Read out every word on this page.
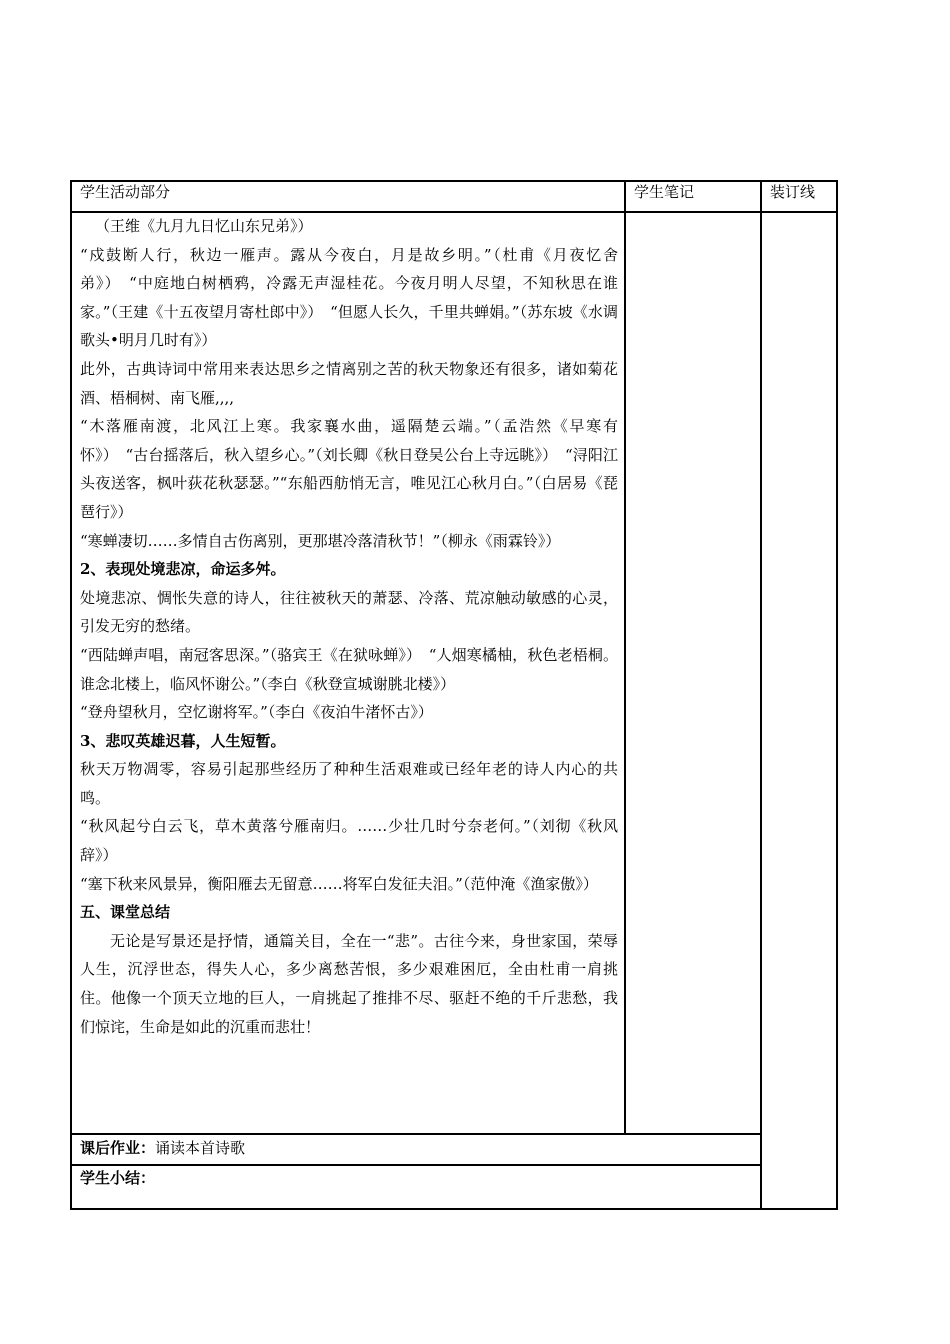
学生活动部分	学生笔记	装订线

（王维《九月九日忆山东兄弟》）

“戍鼓断人行，秋边一雁声。露从今夜白，月是故乡明。”（杜甫《月夜忆舍弟》）　“中庭地白树栖鸦，冷露无声湿桂花。今夜月明人尽望，不知秋思在谁家。”（王建《十五夜望月寄杜郎中》）　“但愿人长久，千里共蝉娟。”（苏东坡《水调歌头•明月几时有》）

此外，古典诗词中常用来表达思乡之情离别之苦的秋天物象还有很多，诸如菊花酒、梧桐树、南飞雁,,,,

“木落雁南渡，北风江上寒。我家襄水曲，遥隔楚云端。”（孟浩然《早寒有怀》）　“古台摇落后，秋入望乡心。”（刘长卿《秋日登吴公台上寺远眺》）　“浔阳江头夜送客，枫叶荻花秋瑟瑟。”“东船西舫悄无言，唯见江心秋月白。”（白居易《琵琶行》）

“寒蝉凄切……多情自古伤离别，更那堪冷落清秋节！”（柳永《雨霖铃》）

2、表现处境悲凉，命运多舛。

处境悲凉、惆怅失意的诗人，往往被秋天的萧瑟、冷落、荒凉触动敏感的心灵，引发无穷的愁绪。

“西陆蝉声唱，南冠客思深。”（骆宾王《在狱咏蝉》）　“人烟寒橘柚，秋色老梧桐。谁念北楼上，临风怀谢公。”（李白《秋登宣城谢朓北楼》）

“登舟望秋月，空忆谢将军。”（李白《夜泊牛渚怀古》）

3、悲叹英雄迟暮，人生短暂。

秋天万物凋零，容易引起那些经历了种种生活艰难或已经年老的诗人内心的共鸣。

“秋风起兮白云飞，草木黄落兮雁南归。……少壮几时兮奈老何。”（刘彻《秋风辞》）

“塞下秋来风景异，衡阳雁去无留意……将军白发征夫泪。”（范仲淹《渔家傲》）

五、课堂总结

无论是写景还是抒情，通篇关目，全在一“悲”。古往今来，身世家国，荣辱人生，沉浮世态，得失人心，多少离愁苦恨，多少艰难困厄，全由杜甫一肩挑住。他像一个顶天立地的巨人，一肩挑起了推排不尽、驱赶不绝的千斤悲愁，我们惊诧，生命是如此的沉重而悲壮！

课后作业：诵读本首诗歌
学生小结：
